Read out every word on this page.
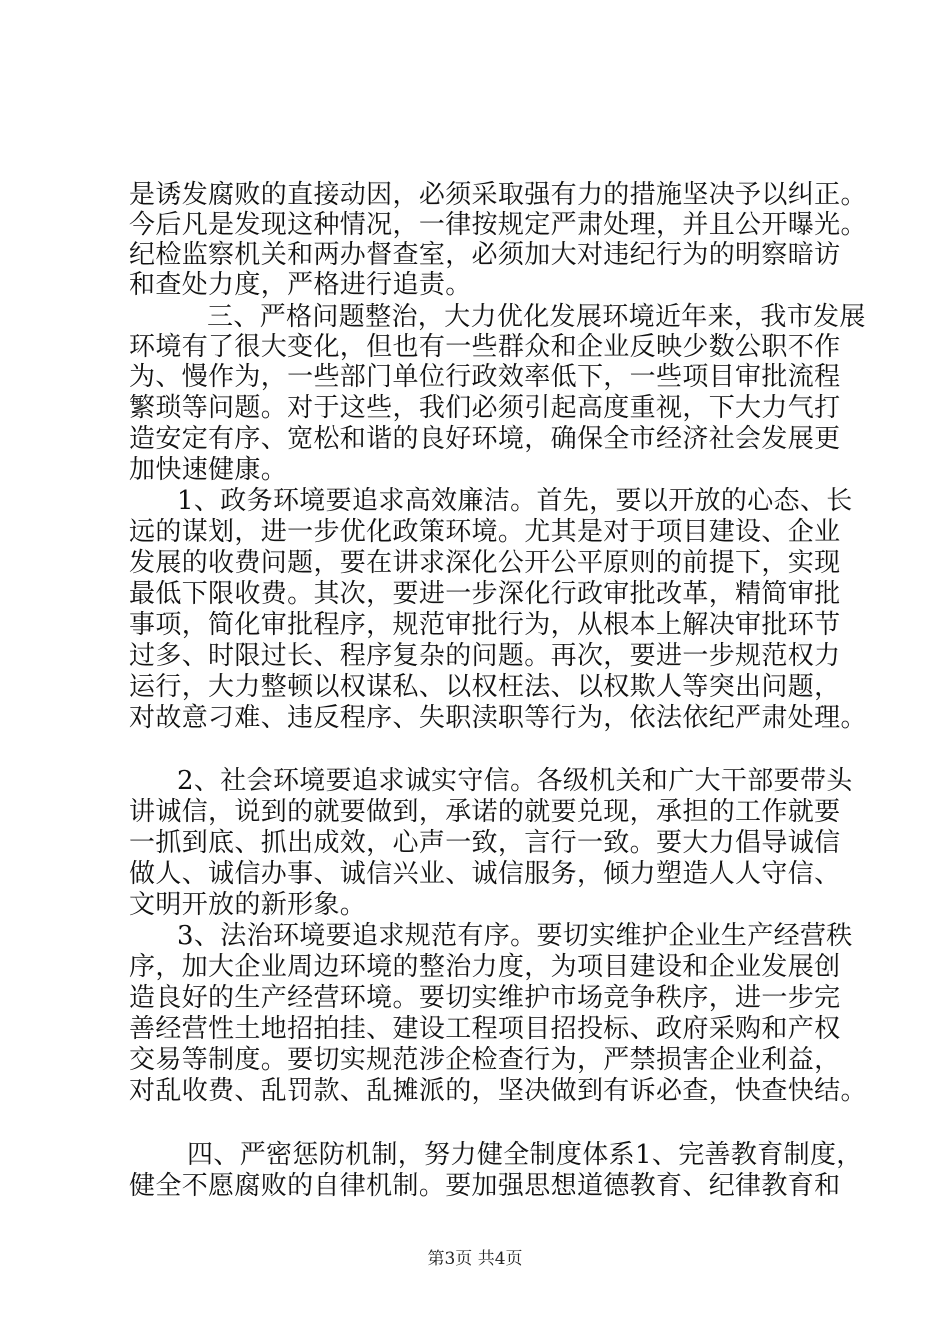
是诱发腐败的直接动因，必须采取强有力的措施坚决予以纠正。
今后凡是发现这种情况，一律按规定严肃处理，并且公开曝光。
纪检监察机关和两办督查室，必须加大对违纪行为的明察暗访
和查处力度，严格进行追责。
三、严格问题整治，大力优化发展环境近年来，我市发展
环境有了很大变化，但也有一些群众和企业反映少数公职不作
为、慢作为，一些部门单位行政效率低下，一些项目审批流程
繁琐等问题。对于这些，我们必须引起高度重视，下大力气打
造安定有序、宽松和谐的良好环境，确保全市经济社会发展更
加快速健康。
1、政务环境要追求高效廉洁。首先，要以开放的心态、长
远的谋划，进一步优化政策环境。尤其是对于项目建设、企业
发展的收费问题，要在讲求深化公开公平原则的前提下，实现
最低下限收费。其次，要进一步深化行政审批改革，精简审批
事项，简化审批程序，规范审批行为，从根本上解决审批环节
过多、时限过长、程序复杂的问题。再次，要进一步规范权力
运行，大力整顿以权谋私、以权枉法、以权欺人等突出问题，
对故意刁难、违反程序、失职渎职等行为，依法依纪严肃处理。
2、社会环境要追求诚实守信。各级机关和广大干部要带头
讲诚信，说到的就要做到，承诺的就要兑现，承担的工作就要
一抓到底、抓出成效，心声一致，言行一致。要大力倡导诚信
做人、诚信办事、诚信兴业、诚信服务，倾力塑造人人守信、
文明开放的新形象。
3、法治环境要追求规范有序。要切实维护企业生产经营秩
序，加大企业周边环境的整治力度，为项目建设和企业发展创
造良好的生产经营环境。要切实维护市场竞争秩序，进一步完
善经营性土地招拍挂、建设工程项目招投标、政府采购和产权
交易等制度。要切实规范涉企检查行为，严禁损害企业利益，
对乱收费、乱罚款、乱摊派的，坚决做到有诉必查，快查快结。
四、严密惩防机制，努力健全制度体系1、完善教育制度，
健全不愿腐败的自律机制。要加强思想道德教育、纪律教育和
第3页 共4页
